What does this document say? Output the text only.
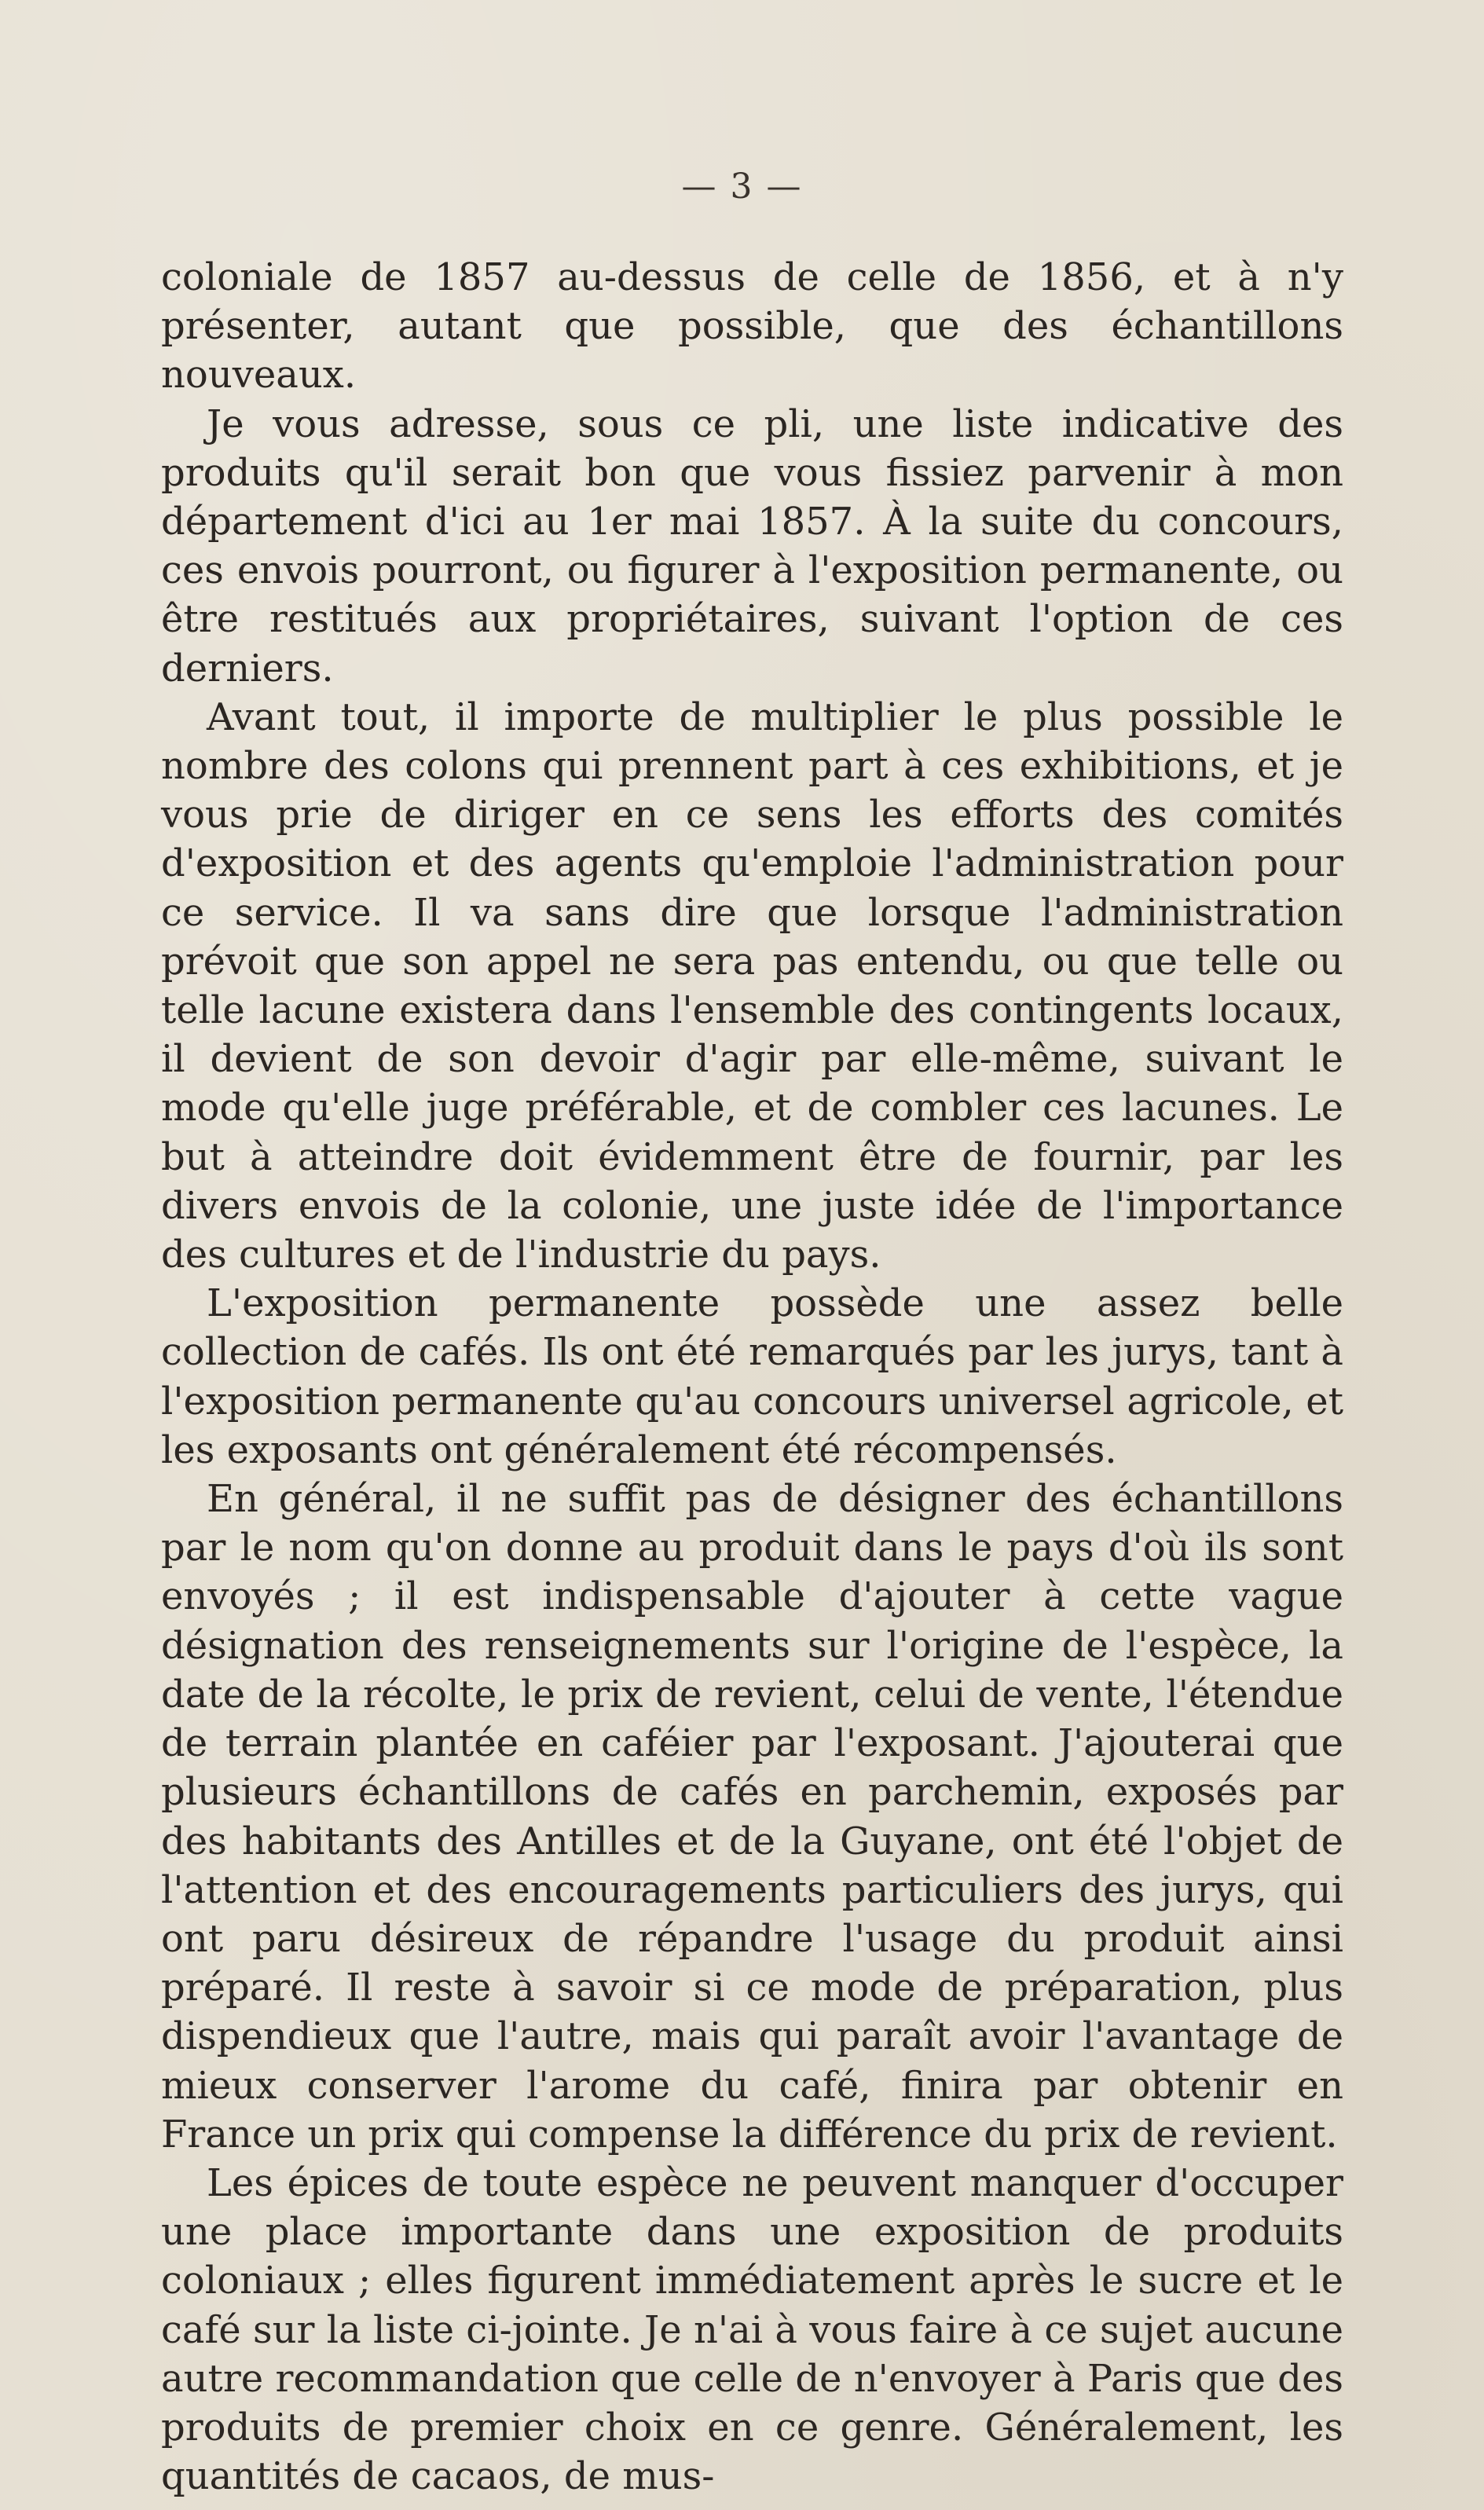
— 3 —

coloniale de 1857 au-dessus de celle de 1856, et à n'y présenter, autant que possible, que des échantillons nouveaux.

Je vous adresse, sous ce pli, une liste indicative des produits qu'il serait bon que vous fissiez parvenir à mon département d'ici au 1er mai 1857. À la suite du concours, ces envois pourront, ou figurer à l'exposition permanente, ou être restitués aux propriétaires, suivant l'option de ces derniers.

Avant tout, il importe de multiplier le plus possible le nombre des colons qui prennent part à ces exhibitions, et je vous prie de diriger en ce sens les efforts des comités d'exposition et des agents qu'emploie l'administration pour ce service. Il va sans dire que lorsque l'administration prévoit que son appel ne sera pas entendu, ou que telle ou telle lacune existera dans l'ensemble des contingents locaux, il devient de son devoir d'agir par elle-même, suivant le mode qu'elle juge préférable, et de combler ces lacunes. Le but à atteindre doit évidemment être de fournir, par les divers envois de la colonie, une juste idée de l'importance des cultures et de l'industrie du pays.

L'exposition permanente possède une assez belle collection de cafés. Ils ont été remarqués par les jurys, tant à l'exposition permanente qu'au concours universel agricole, et les exposants ont généralement été récompensés.

En général, il ne suffit pas de désigner des échantillons par le nom qu'on donne au produit dans le pays d'où ils sont envoyés ; il est indispensable d'ajouter à cette vague désignation des renseignements sur l'origine de l'espèce, la date de la récolte, le prix de revient, celui de vente, l'étendue de terrain plantée en caféier par l'exposant. J'ajouterai que plusieurs échantillons de cafés en parchemin, exposés par des habitants des Antilles et de la Guyane, ont été l'objet de l'attention et des encouragements particuliers des jurys, qui ont paru désireux de répandre l'usage du produit ainsi préparé. Il reste à savoir si ce mode de préparation, plus dispendieux que l'autre, mais qui paraît avoir l'avantage de mieux conserver l'arome du café, finira par obtenir en France un prix qui compense la différence du prix de revient.

Les épices de toute espèce ne peuvent manquer d'occuper une place importante dans une exposition de produits coloniaux ; elles figurent immédiatement après le sucre et le café sur la liste ci-jointe. Je n'ai à vous faire à ce sujet aucune autre recommandation que celle de n'envoyer à Paris que des produits de premier choix en ce genre. Généralement, les quantités de cacaos, de mus-
